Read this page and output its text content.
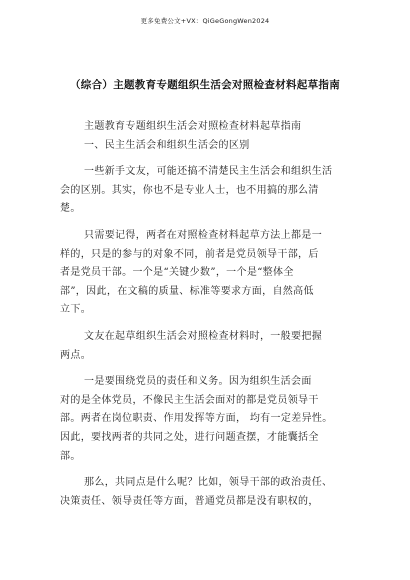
更多免费公文+VX：QiGeGongWen2024
（综合）主题教育专题组织生活会对照检查材料起草指南

主题教育专题组织生活会对照检查材料起草指南

一、民主生活会和组织生活会的区别

一些新手文友，可能还搞不清楚民主生活会和组织生活
会的区别。其实，你也不是专业人士，也不用搞的那么清
楚。

只需要记得，两者在对照检查材料起草方法上都是一
样的，只是的参与的对象不同，前者是党员领导干部，后
者是党员干部。一个是“关键少数”，一个是“整体全
部”，因此，在文稿的质量、标准等要求方面，自然高低
立下。

文友在起草组织生活会对照检查材料时，一般要把握
两点。

一是要围绕党员的责任和义务。因为组织生活会面
对的是全体党员，不像民主生活会面对的都是党员领导干
部。两者在岗位职责、作用发挥等方面， 均有一定差异性。
因此，要找两者的共同之处，进行问题查摆，才能囊括全
部。

那么，共同点是什么呢？比如，领导干部的政治责任、
决策责任、领导责任等方面，普通党员都是没有职权的，
